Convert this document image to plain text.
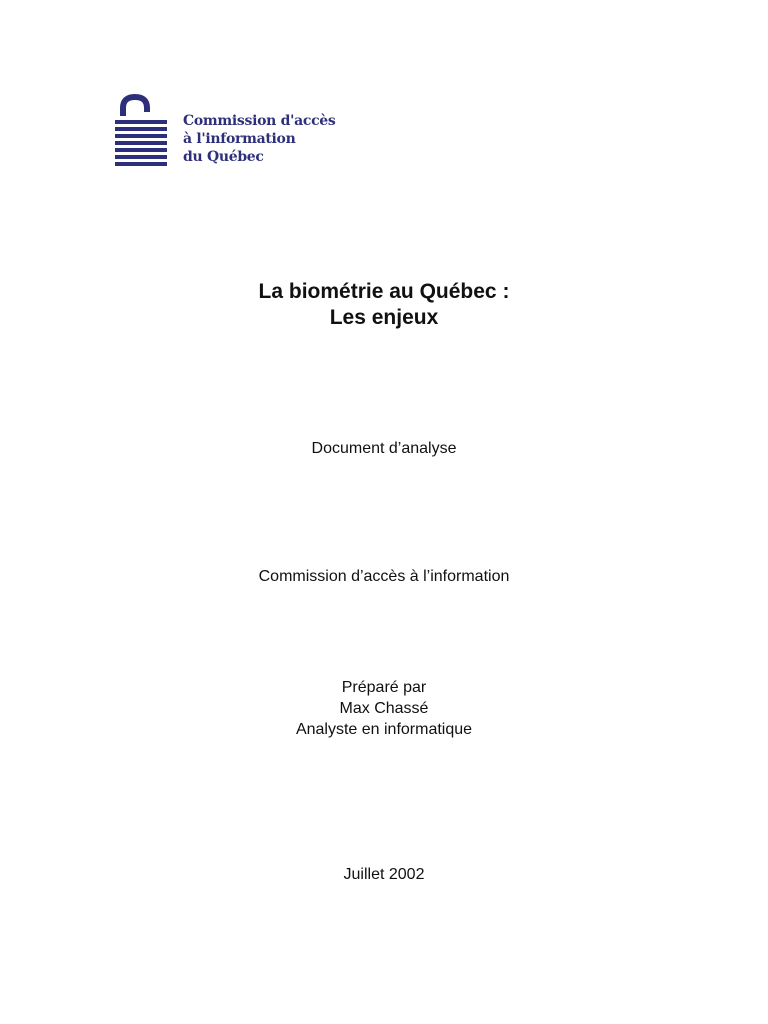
Commission d'accès
à l'information
du Québec
La biométrie au Québec :
Les enjeux
Document d’analyse
Commission d’accès à l’information
Préparé par
Max Chassé
Analyste en informatique
Juillet 2002
